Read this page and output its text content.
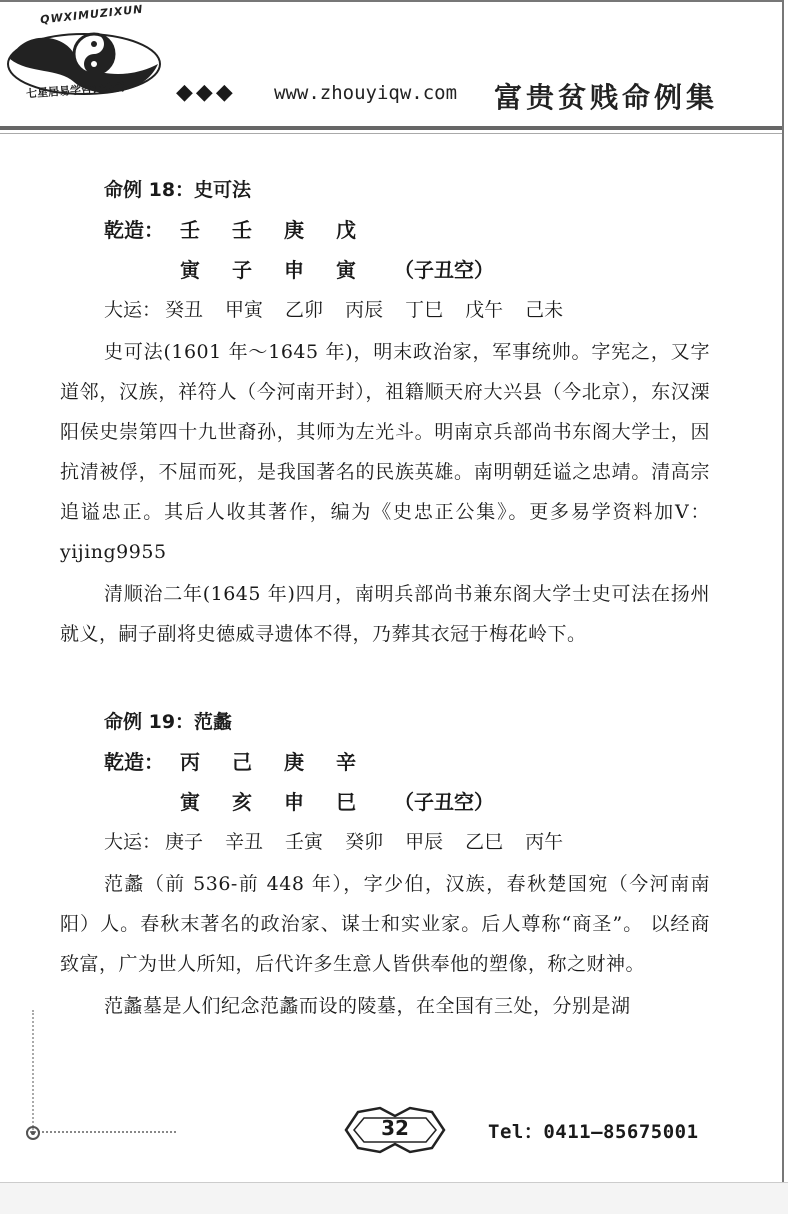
QWXIMUZIXUN
七星居易学咨询公司 ◆◆◆ www.zhouyiqw.com 富贵贫贱命例集
命例 18：史可法
乾造： 壬	壬	庚	戊
寅	子	申	寅	（子丑空）
大运： 癸丑 甲寅 乙卯 丙辰 丁巳 戊午 己未

史可法(1601 年～1645 年)，明末政治家，军事统帅。字宪之，又字道邻，汉族，祥符人（今河南开封），祖籍顺天府大兴县（今北京），东汉溧阳侯史崇第四十九世裔孙，其师为左光斗。明南京兵部尚书东阁大学士，因抗清被俘，不屈而死，是我国著名的民族英雄。南明朝廷谥之忠靖。清高宗追谥忠正。其后人收其著作，编为《史忠正公集》。更多易学资料加V：yijing9955

清顺治二年(1645 年)四月，南明兵部尚书兼东阁大学士史可法在扬州就义，嗣子副将史德威寻遗体不得，乃葬其衣冠于梅花岭下。

命例 19：范蠡
乾造： 丙	己	庚	辛
寅	亥	申	巳	（子丑空）
大运： 庚子 辛丑 壬寅 癸卯 甲辰 乙巳 丙午

范蠡（前 536-前 448 年），字少伯，汉族，春秋楚国宛（今河南南阳）人。春秋末著名的政治家、谋士和实业家。后人尊称“商圣”。 以经商致富，广为世人所知，后代许多生意人皆供奉他的塑像，称之财神。

范蠡墓是人们纪念范蠡而设的陵墓，在全国有三处，分别是湖

32	Tel：0411—85675001
